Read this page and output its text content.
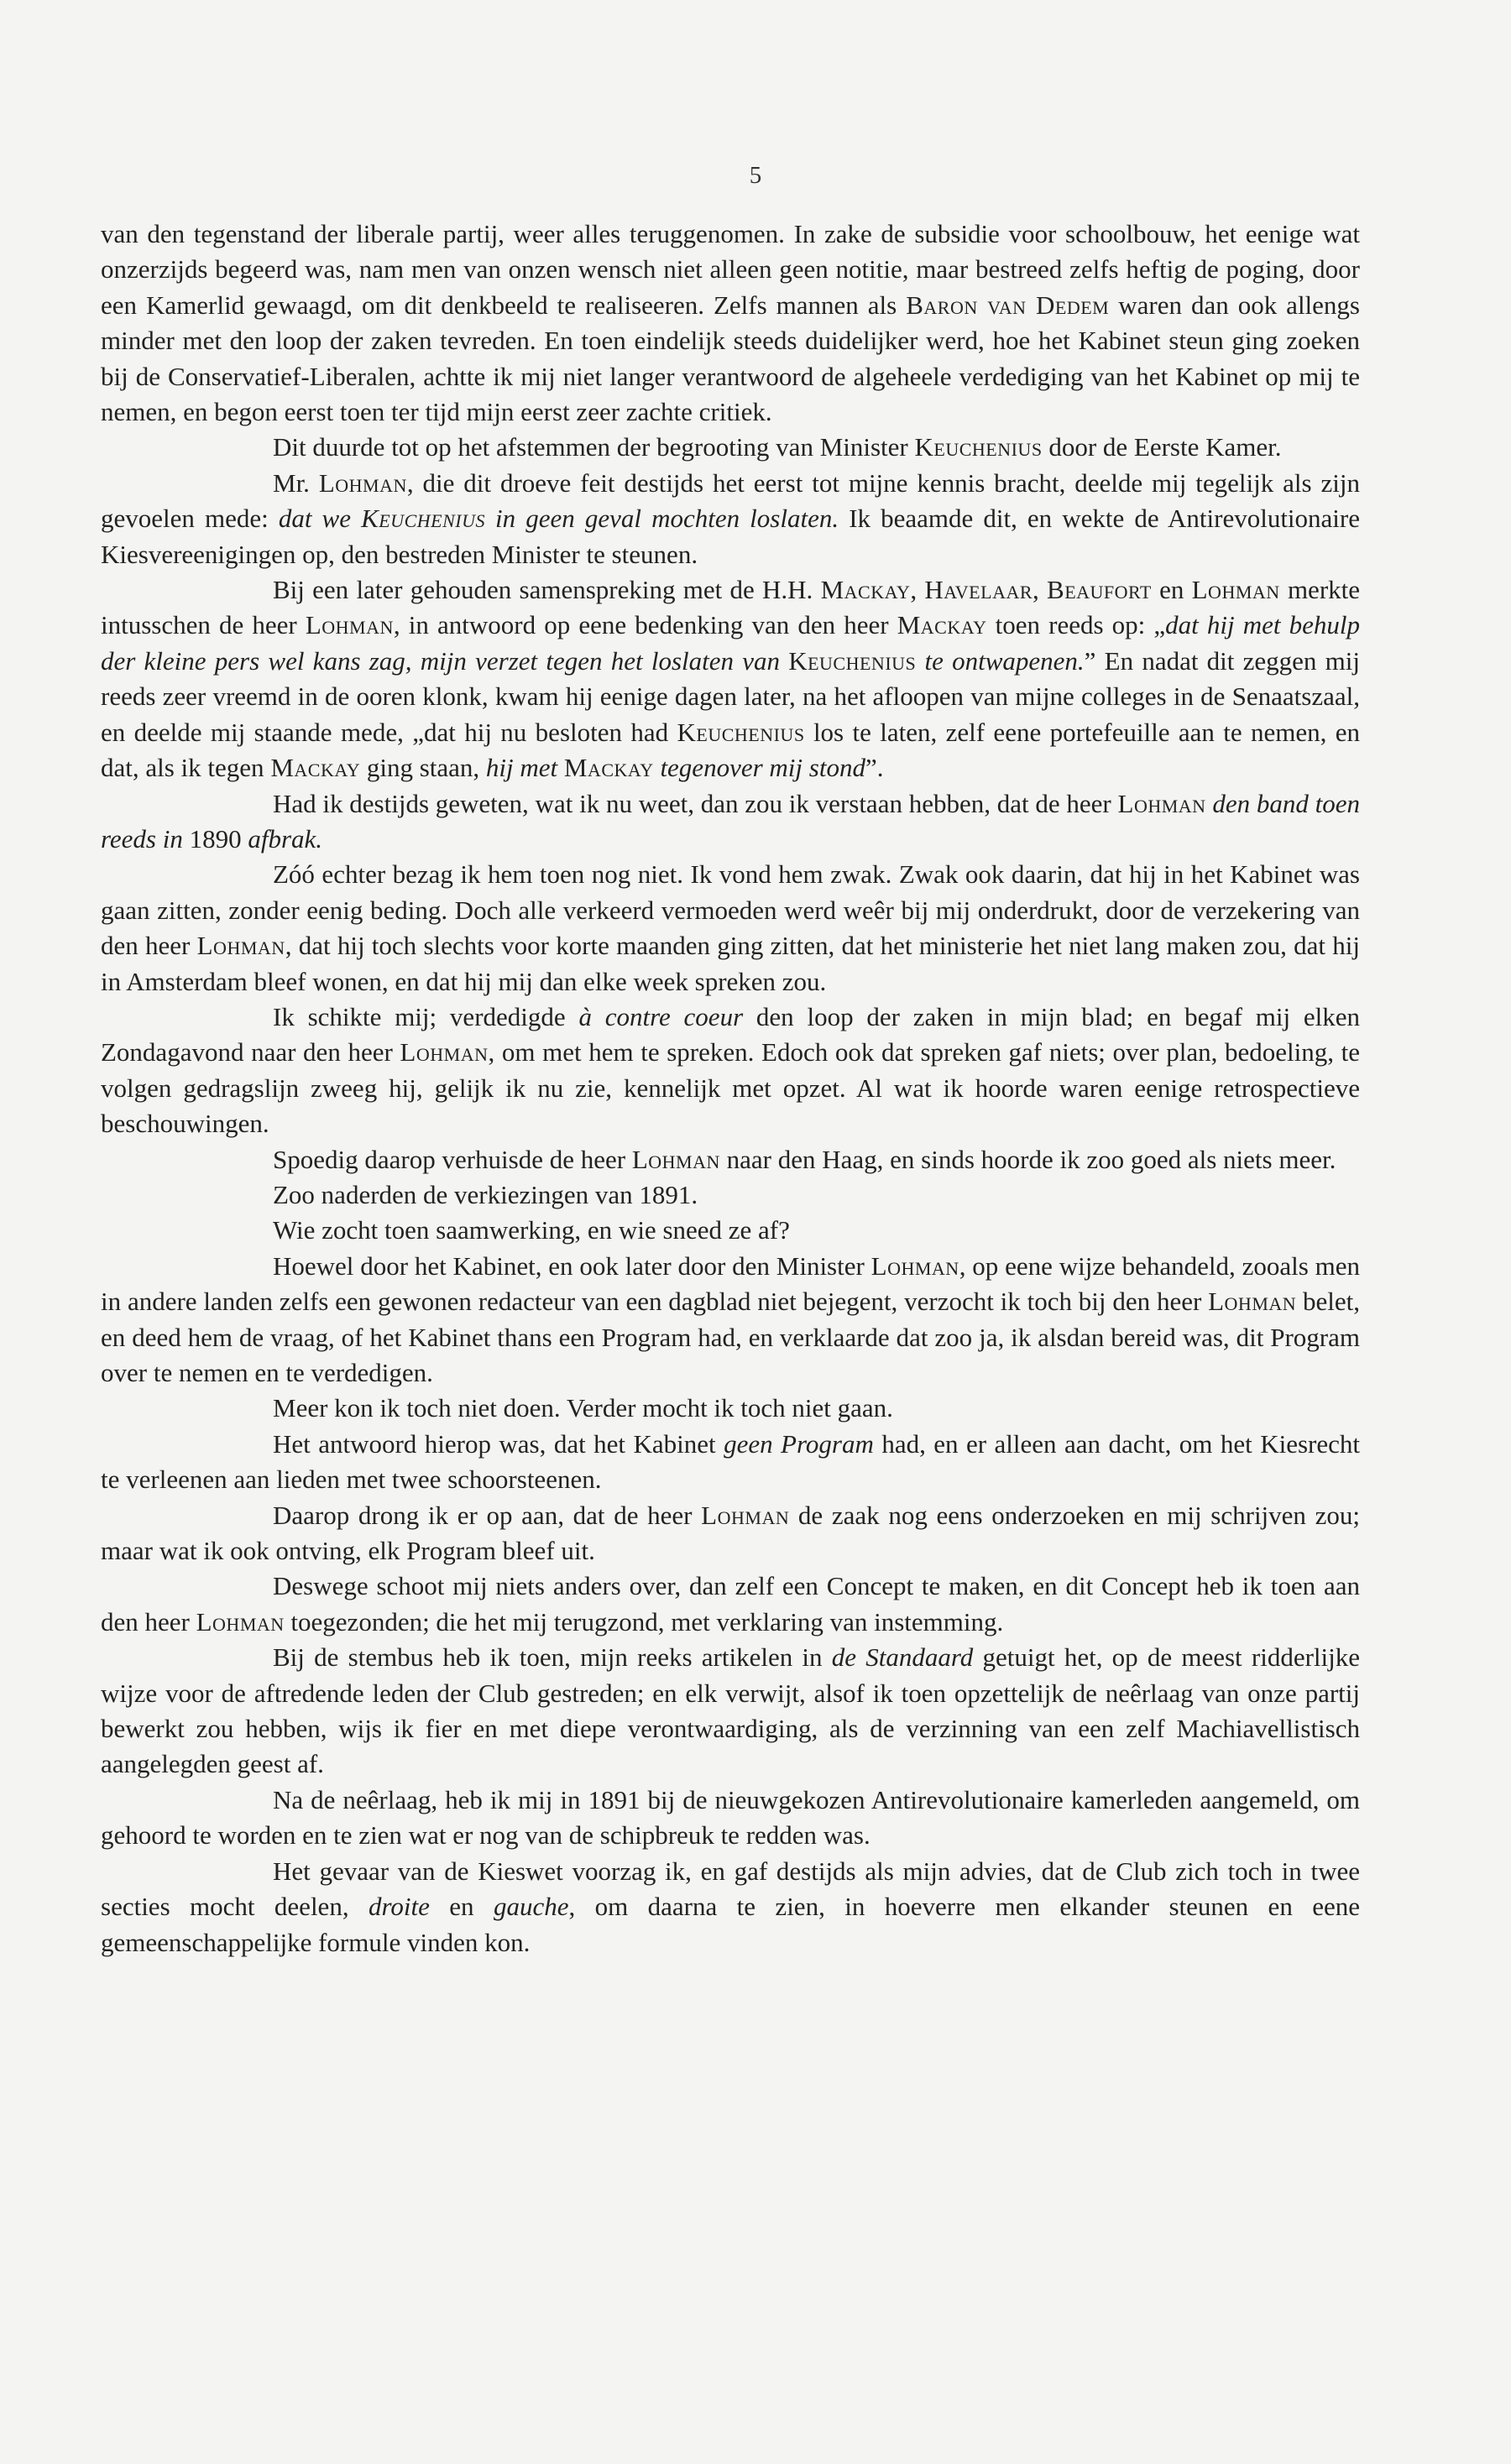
5

van den tegenstand der liberale partij, weer alles teruggenomen. In zake de subsidie voor schoolbouw, het eenige wat onzerzijds begeerd was, nam men van onzen wensch niet alleen geen notitie, maar bestreed zelfs heftig de poging, door een Kamerlid gewaagd, om dit denkbeeld te realiseeren. Zelfs mannen als Baron van Dedem waren dan ook allengs minder met den loop der zaken tevreden. En toen eindelijk steeds duidelijker werd, hoe het Kabinet steun ging zoeken bij de Conservatief-Liberalen, achtte ik mij niet langer verantwoord de algeheele verdediging van het Kabinet op mij te nemen, en begon eerst toen ter tijd mijn eerst zeer zachte critiek.

Dit duurde tot op het afstemmen der begrooting van Minister Keuchenius door de Eerste Kamer.

Mr. Lohman, die dit droeve feit destijds het eerst tot mijne kennis bracht, deelde mij tegelijk als zijn gevoelen mede: dat we Keuchenius in geen geval mochten loslaten. Ik beaamde dit, en wekte de Antirevolutionaire Kiesvereenigingen op, den bestreden Minister te steunen.

Bij een later gehouden samenspreking met de H.H. Mackay, Havelaar, Beaufort en Lohman merkte intusschen de heer Lohman, in antwoord op eene bedenking van den heer Mackay toen reeds op: „dat hij met behulp der kleine pers wel kans zag, mijn verzet tegen het loslaten van Keuchenius te ontwapenen.” En nadat dit zeggen mij reeds zeer vreemd in de ooren klonk, kwam hij eenige dagen later, na het afloopen van mijne colleges in de Senaatszaal, en deelde mij staande mede, „dat hij nu besloten had Keuchenius los te laten, zelf eene portefeuille aan te nemen, en dat, als ik tegen Mackay ging staan, hij met Mackay tegenover mij stond”.

Had ik destijds geweten, wat ik nu weet, dan zou ik verstaan hebben, dat de heer Lohman den band toen reeds in 1890 afbrak.

Zóó echter bezag ik hem toen nog niet. Ik vond hem zwak. Zwak ook daarin, dat hij in het Kabinet was gaan zitten, zonder eenig beding. Doch alle verkeerd vermoeden werd weêr bij mij onderdrukt, door de verzekering van den heer Lohman, dat hij toch slechts voor korte maanden ging zitten, dat het ministerie het niet lang maken zou, dat hij in Amsterdam bleef wonen, en dat hij mij dan elke week spreken zou.

Ik schikte mij; verdedigde à contre coeur den loop der zaken in mijn blad; en begaf mij elken Zondagavond naar den heer Lohman, om met hem te spreken. Edoch ook dat spreken gaf niets; over plan, bedoeling, te volgen gedragslijn zweeg hij, gelijk ik nu zie, kennelijk met opzet. Al wat ik hoorde waren eenige retrospectieve beschouwingen.

Spoedig daarop verhuisde de heer Lohman naar den Haag, en sinds hoorde ik zoo goed als niets meer.

Zoo naderden de verkiezingen van 1891.

Wie zocht toen saamwerking, en wie sneed ze af?

Hoewel door het Kabinet, en ook later door den Minister Lohman, op eene wijze behandeld, zooals men in andere landen zelfs een gewonen redacteur van een dagblad niet bejegent, verzocht ik toch bij den heer Lohman belet, en deed hem de vraag, of het Kabinet thans een Program had, en verklaarde dat zoo ja, ik alsdan bereid was, dit Program over te nemen en te verdedigen.

Meer kon ik toch niet doen. Verder mocht ik toch niet gaan.

Het antwoord hierop was, dat het Kabinet geen Program had, en er alleen aan dacht, om het Kiesrecht te verleenen aan lieden met twee schoorsteenen.

Daarop drong ik er op aan, dat de heer Lohman de zaak nog eens onderzoeken en mij schrijven zou; maar wat ik ook ontving, elk Program bleef uit.

Deswege schoot mij niets anders over, dan zelf een Concept te maken, en dit Concept heb ik toen aan den heer Lohman toegezonden; die het mij terugzond, met verklaring van instemming.

Bij de stembus heb ik toen, mijn reeks artikelen in de Standaard getuigt het, op de meest ridderlijke wijze voor de aftredende leden der Club gestreden; en elk verwijt, alsof ik toen opzettelijk de neêrlaag van onze partij bewerkt zou hebben, wijs ik fier en met diepe verontwaardiging, als de verzinning van een zelf Machiavellistisch aangelegden geest af.

Na de neêrlaag, heb ik mij in 1891 bij de nieuwgekozen Antirevolutionaire kamerleden aangemeld, om gehoord te worden en te zien wat er nog van de schipbreuk te redden was.

Het gevaar van de Kieswet voorzag ik, en gaf destijds als mijn advies, dat de Club zich toch in twee secties mocht deelen, droite en gauche, om daarna te zien, in hoeverre men elkander steunen en eene gemeenschappelijke formule vinden kon.
